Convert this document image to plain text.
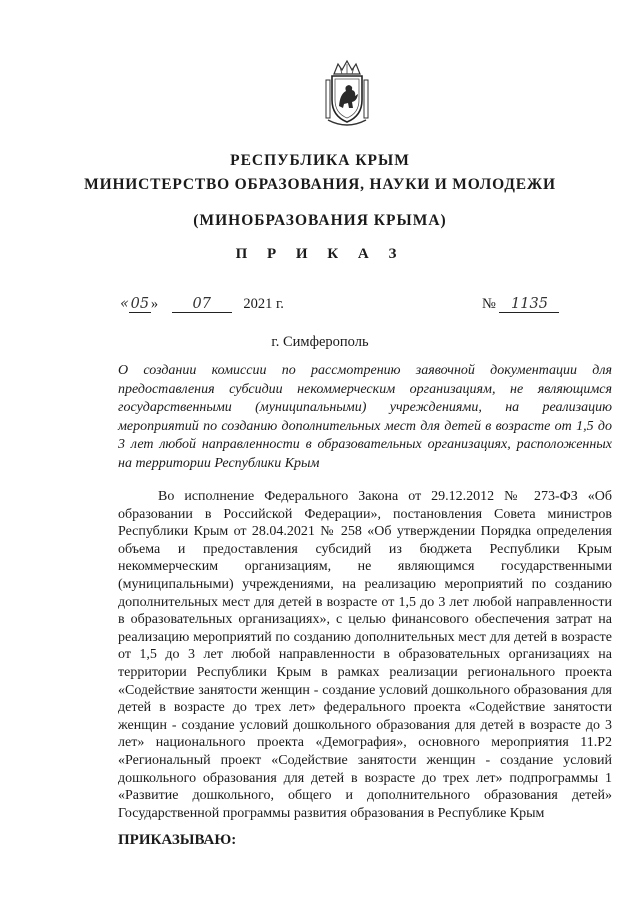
РЕСПУБЛИКА КРЫМ
МИНИСТЕРСТВО ОБРАЗОВАНИЯ, НАУКИ И МОЛОДЕЖИ
(МИНОБРАЗОВАНИЯ КРЫМА)
П Р И К А З
« 05 » 07 2021 г.	№ 1135
г. Симферополь
О создании комиссии по рассмотрению заявочной документации для предоставления субсидии некоммерческим организациям, не являющимся государственными (муниципальными) учреждениями, на реализацию мероприятий по созданию дополнительных мест для детей в возрасте от 1,5 до 3 лет любой направленности в образовательных организациях, расположенных на территории Республики Крым
Во исполнение Федерального Закона от 29.12.2012 № 273-ФЗ «Об образовании в Российской Федерации», постановления Совета министров Республики Крым от 28.04.2021 № 258 «Об утверждении Порядка определения объема и предоставления субсидий из бюджета Республики Крым некоммерческим организациям, не являющимся государственными (муниципальными) учреждениями, на реализацию мероприятий по созданию дополнительных мест для детей в возрасте от 1,5 до 3 лет любой направленности в образовательных организациях», с целью финансового обеспечения затрат на реализацию мероприятий по созданию дополнительных мест для детей в возрасте от 1,5 до 3 лет любой направленности в образовательных организациях на территории Республики Крым в рамках реализации регионального проекта «Содействие занятости женщин - создание условий дошкольного образования для детей в возрасте до трех лет» федерального проекта «Содействие занятости женщин - создание условий дошкольного образования для детей в возрасте до 3 лет» национального проекта «Демография», основного мероприятия 11.Р2 «Региональный проект «Содействие занятости женщин - создание условий дошкольного образования для детей в возрасте до трех лет» подпрограммы 1 «Развитие дошкольного, общего и дополнительного образования детей» Государственной программы развития образования в Республике Крым
ПРИКАЗЫВАЮ:
